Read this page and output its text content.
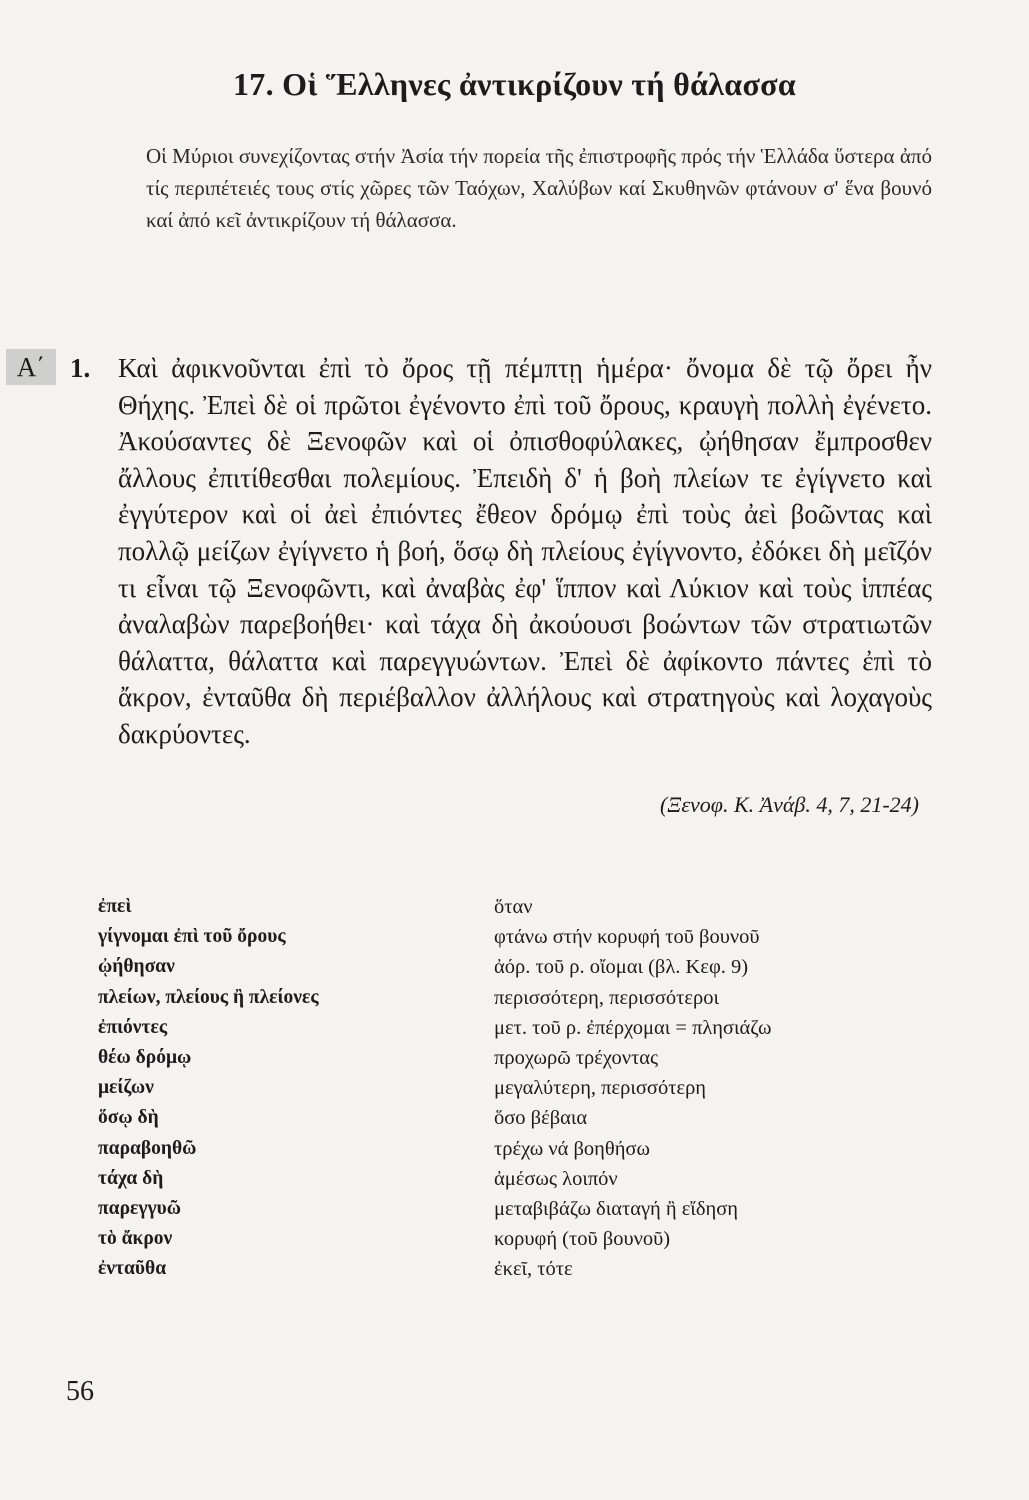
17. Οἱ Ἕλληνες ἀντικρίζουν τή θάλασσα

Οἱ Μύριοι συνεχίζοντας στήν Ἀσία τήν πορεία τῆς ἐπιστροφῆς πρός τήν Ἑλλάδα ὕστερα ἀπό τίς περιπέτειές τους στίς χῶρες τῶν Ταόχων, Χαλύβων καί Σκυθηνῶν φτάνουν σ' ἕνα βουνό καί ἀπό κεῖ ἀντικρίζουν τή θάλασσα.

Α΄ 1. Καὶ ἀφικνοῦνται ἐπὶ τὸ ὄρος τῇ πέμπτῃ ἡμέρα· ὄνομα δὲ τῷ ὄρει ἦν Θήχης. Ἐπεὶ δὲ οἱ πρῶτοι ἐγένοντο ἐπὶ τοῦ ὄρους, κραυγὴ πολλὴ ἐγένετο. Ἀκούσαντες δὲ Ξενοφῶν καὶ οἱ ὀπισθοφύλακες, ᾠήθησαν ἔμπροσθεν ἄλλους ἐπιτίθεσθαι πολεμίους. Ἐπειδὴ δ' ἡ βοὴ πλείων τε ἐγίγνετο καὶ ἐγγύτερον καὶ οἱ ἀεὶ ἐπιόντες ἔθεον δρόμῳ ἐπὶ τοὺς ἀεὶ βοῶντας καὶ πολλῷ μείζων ἐγίγνετο ἡ βοή, ὅσῳ δὴ πλείους ἐγίγνοντο, ἐδόκει δὴ μεῖζόν τι εἶναι τῷ Ξενοφῶντι, καὶ ἀναβὰς ἐφ' ἵππον καὶ Λύκιον καὶ τοὺς ἱππέας ἀναλαβὼν παρεβοήθει· καὶ τάχα δὴ ἀκούουσι βοώντων τῶν στρατιωτῶν θάλαττα, θάλαττα καὶ παρεγγυώντων. Ἐπεὶ δὲ ἀφίκοντο πάντες ἐπὶ τὸ ἄκρον, ἐνταῦθα δὴ περιέβαλλον ἀλλήλους καὶ στρατηγοὺς καὶ λοχαγοὺς δακρύοντες.

(Ξενοφ. Κ. Ἀνάβ. 4, 7, 21-24)

ἐπεὶ	ὅταν
γίγνομαι ἐπὶ τοῦ ὄρους	φτάνω στήν κορυφή τοῦ βουνοῦ
ᾠήθησαν	ἀόρ. τοῦ ρ. οἴομαι (βλ. Κεφ. 9)
πλείων, πλείους ἢ πλείονες	περισσότερη, περισσότεροι
ἐπιόντες	μετ. τοῦ ρ. ἐπέρχομαι = πλησιάζω
θέω δρόμῳ	προχωρῶ τρέχοντας
μείζων	μεγαλύτερη, περισσότερη
ὅσῳ δὴ	ὅσο βέβαια
παραβοηθῶ	τρέχω νά βοηθήσω
τάχα δὴ	ἀμέσως λοιπόν
παρεγγυῶ	μεταβιβάζω διαταγή ἢ εἴδηση
τὸ ἄκρον	κορυφή (τοῦ βουνοῦ)
ἐνταῦθα	ἐκεῖ, τότε

56
